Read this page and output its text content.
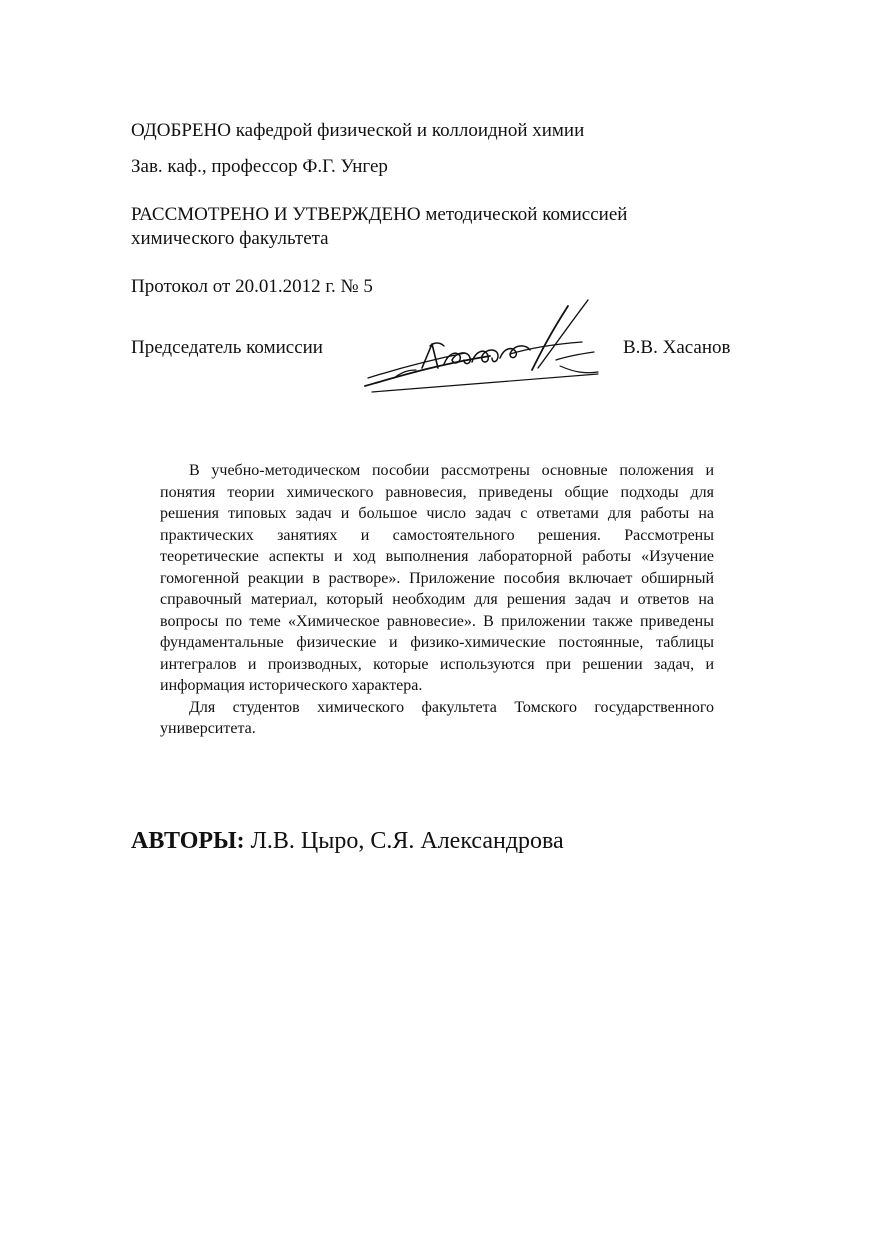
ОДОБРЕНО кафедрой физической и коллоидной химии
Зав. каф., профессор Ф.Г. Унгер
РАССМОТРЕНО И УТВЕРЖДЕНО методической комиссией химического факультета
Протокол от 20.01.2012 г. № 5
Председатель комиссии	В.В. Хасанов

В учебно-методическом пособии рассмотрены основные положения и понятия теории химического равновесия, приведены общие подходы для решения типовых задач и большое число задач с ответами для работы на практических занятиях и самостоятельного решения. Рассмотрены теоретические аспекты и ход выполнения лабораторной работы «Изучение гомогенной реакции в растворе». Приложение пособия включает обширный справочный материал, который необходим для решения задач и ответов на вопросы по теме «Химическое равновесие». В приложении также приведены фундаментальные физические и физико-химические постоянные, таблицы интегралов и производных, которые используются при решении задач, и информация исторического характера.

Для студентов химического факультета Томского государственного университета.

АВТОРЫ: Л.В. Цыро, С.Я. Александрова
